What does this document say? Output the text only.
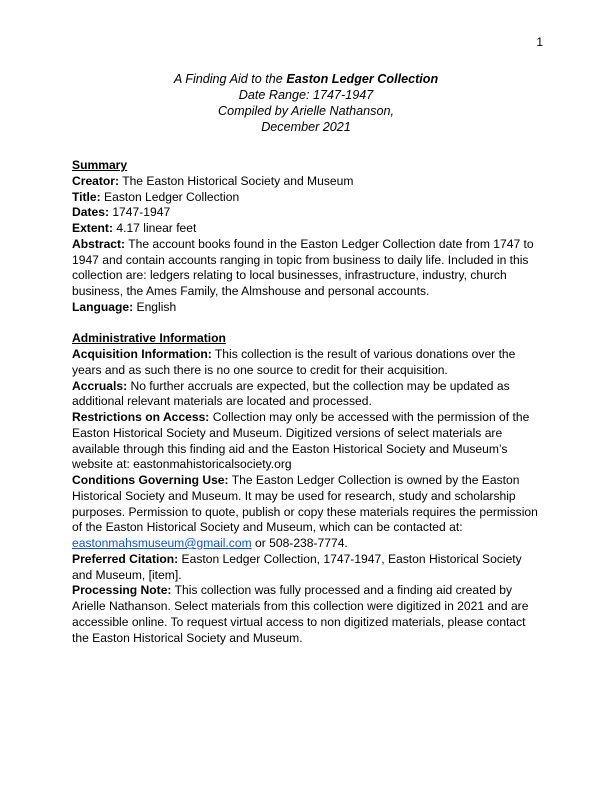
1
A Finding Aid to the Easton Ledger Collection
Date Range: 1747-1947
Compiled by Arielle Nathanson,
December 2021
Summary

Creator: The Easton Historical Society and Museum

Title: Easton Ledger Collection

Dates: 1747-1947

Extent: 4.17 linear feet

Abstract: The account books found in the Easton Ledger Collection date from 1747 to 1947 and contain accounts ranging in topic from business to daily life. Included in this collection are: ledgers relating to local businesses, infrastructure, industry, church business, the Ames Family, the Almshouse and personal accounts.

Language: English

Administrative Information

Acquisition Information: This collection is the result of various donations over the years and as such there is no one source to credit for their acquisition.

Accruals: No further accruals are expected, but the collection may be updated as additional relevant materials are located and processed.

Restrictions on Access: Collection may only be accessed with the permission of the Easton Historical Society and Museum. Digitized versions of select materials are available through this finding aid and the Easton Historical Society and Museum’s website at: eastonmahistoricalsociety.org

Conditions Governing Use: The Easton Ledger Collection is owned by the Easton Historical Society and Museum. It may be used for research, study and scholarship purposes. Permission to quote, publish or copy these materials requires the permission of the Easton Historical Society and Museum, which can be contacted at: eastonmahsmuseum@gmail.com or 508-238-7774.

Preferred Citation: Easton Ledger Collection, 1747-1947, Easton Historical Society and Museum, [item].

Processing Note: This collection was fully processed and a finding aid created by Arielle Nathanson. Select materials from this collection were digitized in 2021 and are accessible online. To request virtual access to non digitized materials, please contact the Easton Historical Society and Museum.
